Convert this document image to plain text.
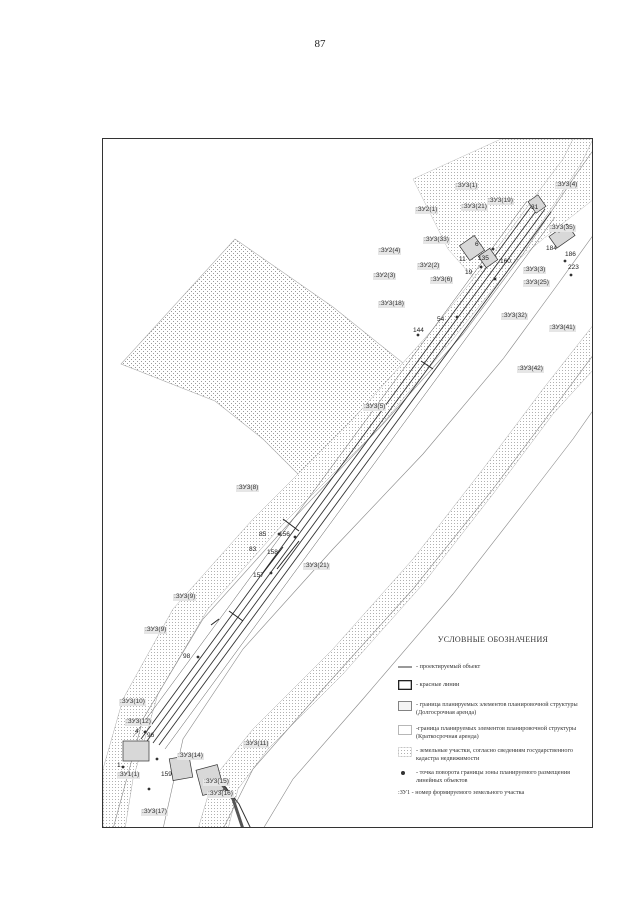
87
:ЗУ3(1)	:ЗУ3(4)
:ЗУ2(1)
:ЗУ3(19)
:ЗУ3(21)
:ЗУ3(33)
:ЗУ3(35)
:ЗУ2(4)
:ЗУ2(2)
:ЗУ2(3)
:ЗУ3(6)
:ЗУ3(18)
:ЗУ3(32)
:ЗУ3(25)
:ЗУ3(3)
:ЗУ3(41)
:ЗУ3(42)
:ЗУ3(5)
:ЗУ3(8)
:ЗУ3(21)
:ЗУ3(9)
:ЗУ3(9)
:ЗУ3(10)
:ЗУ3(11)
:ЗУ3(12)
:ЗУ1(1)
:ЗУ3(14)
:ЗУ3(15)
:ЗУ3(16)
:ЗУ3(17)
31
6
11 135
19
160
184
186
223
54
144
85 156
83 158
157
98
4
96
1
159
УСЛОВНЫЕ ОБОЗНАЧЕНИЯ
- проектируемый объект
- красные линии
- граница планируемых элементов планировочной структуры (Долгосрочная аренда)
-граница планируемых элементов планировочной структуры (Краткосрочная аренда)
- земельные участки, согласно сведениям государственного кадастра недвижимости
- точка поворота границы зоны планируемого размещения линейных объектов
:ЗУ1 - номер формируемого земельного участка
